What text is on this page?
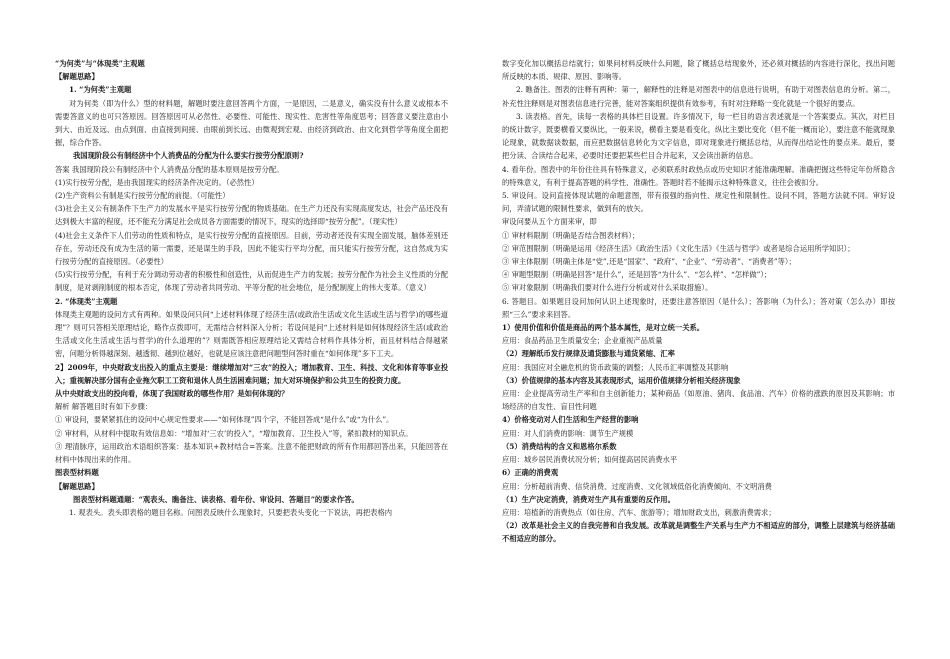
“为何类”与“体现类”主观题

【解题思路】

1. “为何类”主观题

对为何类（即为什么）型的材料题，解题时要注意回答两个方面，一是原因，二是意义，确实没有什么意义或根本不需要答意义的也可只答原因。回答原因可从必然性、必要性、可能性、现实性、危害性等角度思考；回答意义要注意由小到大、由近及远、由点到面、由直接到间接、由眼前到长远、由微观到宏观、由经济到政治、由文化到哲学等角度全面把握，综合作答。

我国现阶段公有制经济中个人消费品的分配为什么要实行按劳分配原则?

答案 我国现阶段公有制经济中个人消费品分配的基本原则是按劳分配。

(1)实行按劳分配，是由我国现实的经济条件决定的。（必然性）

(2)生产资料公有制是实行按劳分配的前提。（可能性）

(3)社会主义公有制条件下生产力的发展水平是实行按劳分配的物质基础。在生产力还没有实现高度发达，社会产品还没有达到极大丰富的程度，还不能充分满足社会成员各方面需要的情况下，现实的选择即“按劳分配”。（现实性）

(4)社会主义条件下人们劳动的性质和特点，是实行按劳分配的直接原因。目前，劳动者还没有实现全面发展，脑体差别还存在，劳动还没有成为生活的第一需要，还是谋生的手段，因此不能实行平均分配，而只能实行按劳分配，这自然成为实行按劳分配的直接原因。（必要性）

(5)实行按劳分配，有利于充分调动劳动者的积极性和创造性，从而促进生产力的发展；按劳分配作为社会主义性质的分配制度，是对剥削制度的根本否定，体现了劳动者共同劳动、平等分配的社会地位，是分配制度上的伟大变革。（意义）

2. “体现类”主观题

体现类主观题的设问方式有两种。如果设问只问“上述材料体现了经济生活(或政治生活或文化生活或生活与哲学)的哪些道理”？则可只答相关原理结论，略作点拨即可，无需结合材料深入分析；若设问是问“上述材料是如何体现经济生活(或政治生活或文化生活或生活与哲学)的什么道理的”？则需既答相应原理结论又需结合材料作具体分析，而且材料结合得越紧密，问题分析得越深刻、越透彻、越到位越好，也就是应该注意把问题型问答时重在“如何体现”多下工夫。

2】2009年，中央财政支出投入的重点主要是：继续增加对“三农”的投入；增加教育、卫生、科技、文化和体育等事业投入；重视解决部分国有企业拖欠职工工资和退休人员生活困难问题；加大对环境保护和公共卫生的投资力度。

从中央财政支出的投向看，体现了我国财政的哪些作用？是如何体现的？

解析 解答题目时有如下步骤：

① 审设问，要紧紧抓住的设问中心规定性要求——“如何体现”四个字，不能回答成“是什么”或“为什么”。

② 审材料，从材料中提取有效信息如：“增加对‘三农’的投入”，“增加教育、卫生投入”等，紧扣教材的知识点。

③ 理清脉序，运用政治术语组织答案：基本知识+教材结合=答案。注意不能把财政的所有作用都回答出来，只能回答在材料中体现出来的作用。

图表型材料题

【解题思路】

图表型材料题通题：“观表头、瞧备注、读表格、看年份、审设问、答题目”的要求作答。

1. 观表头。表头即表格的题目名称。问图表反映什么现象时，只要把表头变化一下说法，再把表格内

数字变化加以概括总结就行；如果问材料反映什么问题，除了概括总结现象外，还必须对概括的内容进行深化，找出问题所反映的本质、规律、原因、影响等。

2. 瞧备注。图表的注释有两种：第一，解释性的注释是对图表中的信息进行说明，有助于对图表信息的分析。第二，补充性注释则是对图表信息进行完善，能对答案组织提供有效参考，有时对注释略一变化就是一个很好的要点。

3. 读表格。首先，读每一表格的具体栏目设置。许多情况下，每一栏目的语言表述就是一个答案要点。其次，对栏目的统计数字，既要横看又要纵比，一般来说，横看主要是看变化，纵比主要比变化（但不能一概而论），要注意不能就现象论现象，就数据谈数据，而应把数据信息转化为文字信息，即对现象进行概括总结，从而得出结论性的要点来。最后，要把分读、合读结合起来，必要时还要把某些栏目合并起来，又会读出新的信息。

4. 看年份。图表中的年份往往具有特殊意义，必须联系时政热点或历史知识才能准确理解。准确把握这些特定年份所隐含的特殊意义，有利于提高答题的科学性、准确性。答题时若不能揭示这种特殊意义，往往会被扣分。

5. 审设问。设问直接体现试题的命题意图，带有很强的指向性、规定性和限制性。设问不同，答题方法就不同。审好设问，弄清试题的限制性要求，做到有的放矢。

审设问要从五个方面来审，即

① 审材料限制（明确是否结合图表材料）；

② 审范围限制（明确是运用《经济生活》《政治生活》《文化生活》《生活与哲学》或者是综合运用所学知识）；

③ 审主体限制（明确主体是“党”,还是“国家”、“政府”、“企业”、“劳动者”、“消费者”等）；

④ 审题型限制（明确是回答“是什么”，还是回答“为什么”、“怎么样”、“怎样做”）；

⑤ 审对象限制（明确我们要对什么进行分析或对什么采取措施）。

6. 答题目。如果题目设问加何认识上述现象时，还要注意答原因（是什么）；答影响（为什么）；答对策（怎么办）即按照“三么”要求来回答。

1）使用价值和价值是商品的两个基本属性，是对立统一关系。

应用：食品药品卫生质量安全；企业重视产品质量

（2）理解纸币发行规律及通货膨胀与通货紧缩、汇率

应用：我国应对全融危机的货币政策的调整；人民币汇率调整及其影响

（3）价值规律的基本内容及其表现形式，运用价值规律分析相关经济现象

应用：企业提高劳动生产率和自主创新能力；某种商品（如原油、猪肉、食品油、汽车）价格的涨跌的原因及其影响；市场经济的自发性、盲目性问题

4）价格变动对人们生活和生产经营的影响

应用：对人们消费的影响：调节生产规模

（5）消费结构的含义和恩格尔系数

应用：城乡居民消费状况分析；如何提高居民消费水平

6）正确的消费观

应用：分析超前消费、信贷消费、过度消费、文化领域低俗化消费倾向、不文明消费

（1）生产决定消费，消费对生产具有重要的反作用。

应用：培植新的消费热点（如住房、汽车、旅游等）；增加财政支出，刺激消费需求；

（2）改革是社会主义的自我完善和自我发展。改革就是调整生产关系与生产力不相适应的部分，调整上层建筑与经济基础不相适应的部分。
